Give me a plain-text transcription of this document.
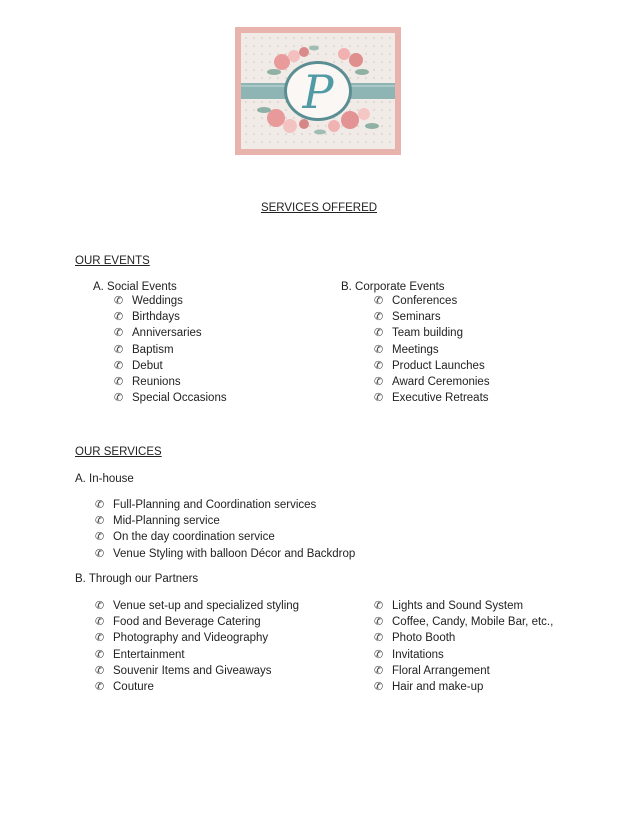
P
SERVICES OFFERED
OUR EVENTS
A. Social Events
✆ Weddings
✆ Birthdays
✆ Anniversaries
✆ Baptism
✆ Debut
✆ Reunions
✆ Special Occasions
B. Corporate Events
✆ Conferences
✆ Seminars
✆ Team building
✆ Meetings
✆ Product Launches
✆ Award Ceremonies
✆ Executive Retreats
OUR SERVICES
A. In-house
✆ Full-Planning and Coordination services
✆ Mid-Planning service
✆ On the day coordination service
✆ Venue Styling with balloon Décor and Backdrop
B. Through our Partners
✆ Venue set-up and specialized styling
✆ Food and Beverage Catering
✆ Photography and Videography
✆ Entertainment
✆ Souvenir Items and Giveaways
✆ Couture
✆ Lights and Sound System
✆ Coffee, Candy, Mobile Bar, etc.,
✆ Photo Booth
✆ Invitations
✆ Floral Arrangement
✆ Hair and make-up
